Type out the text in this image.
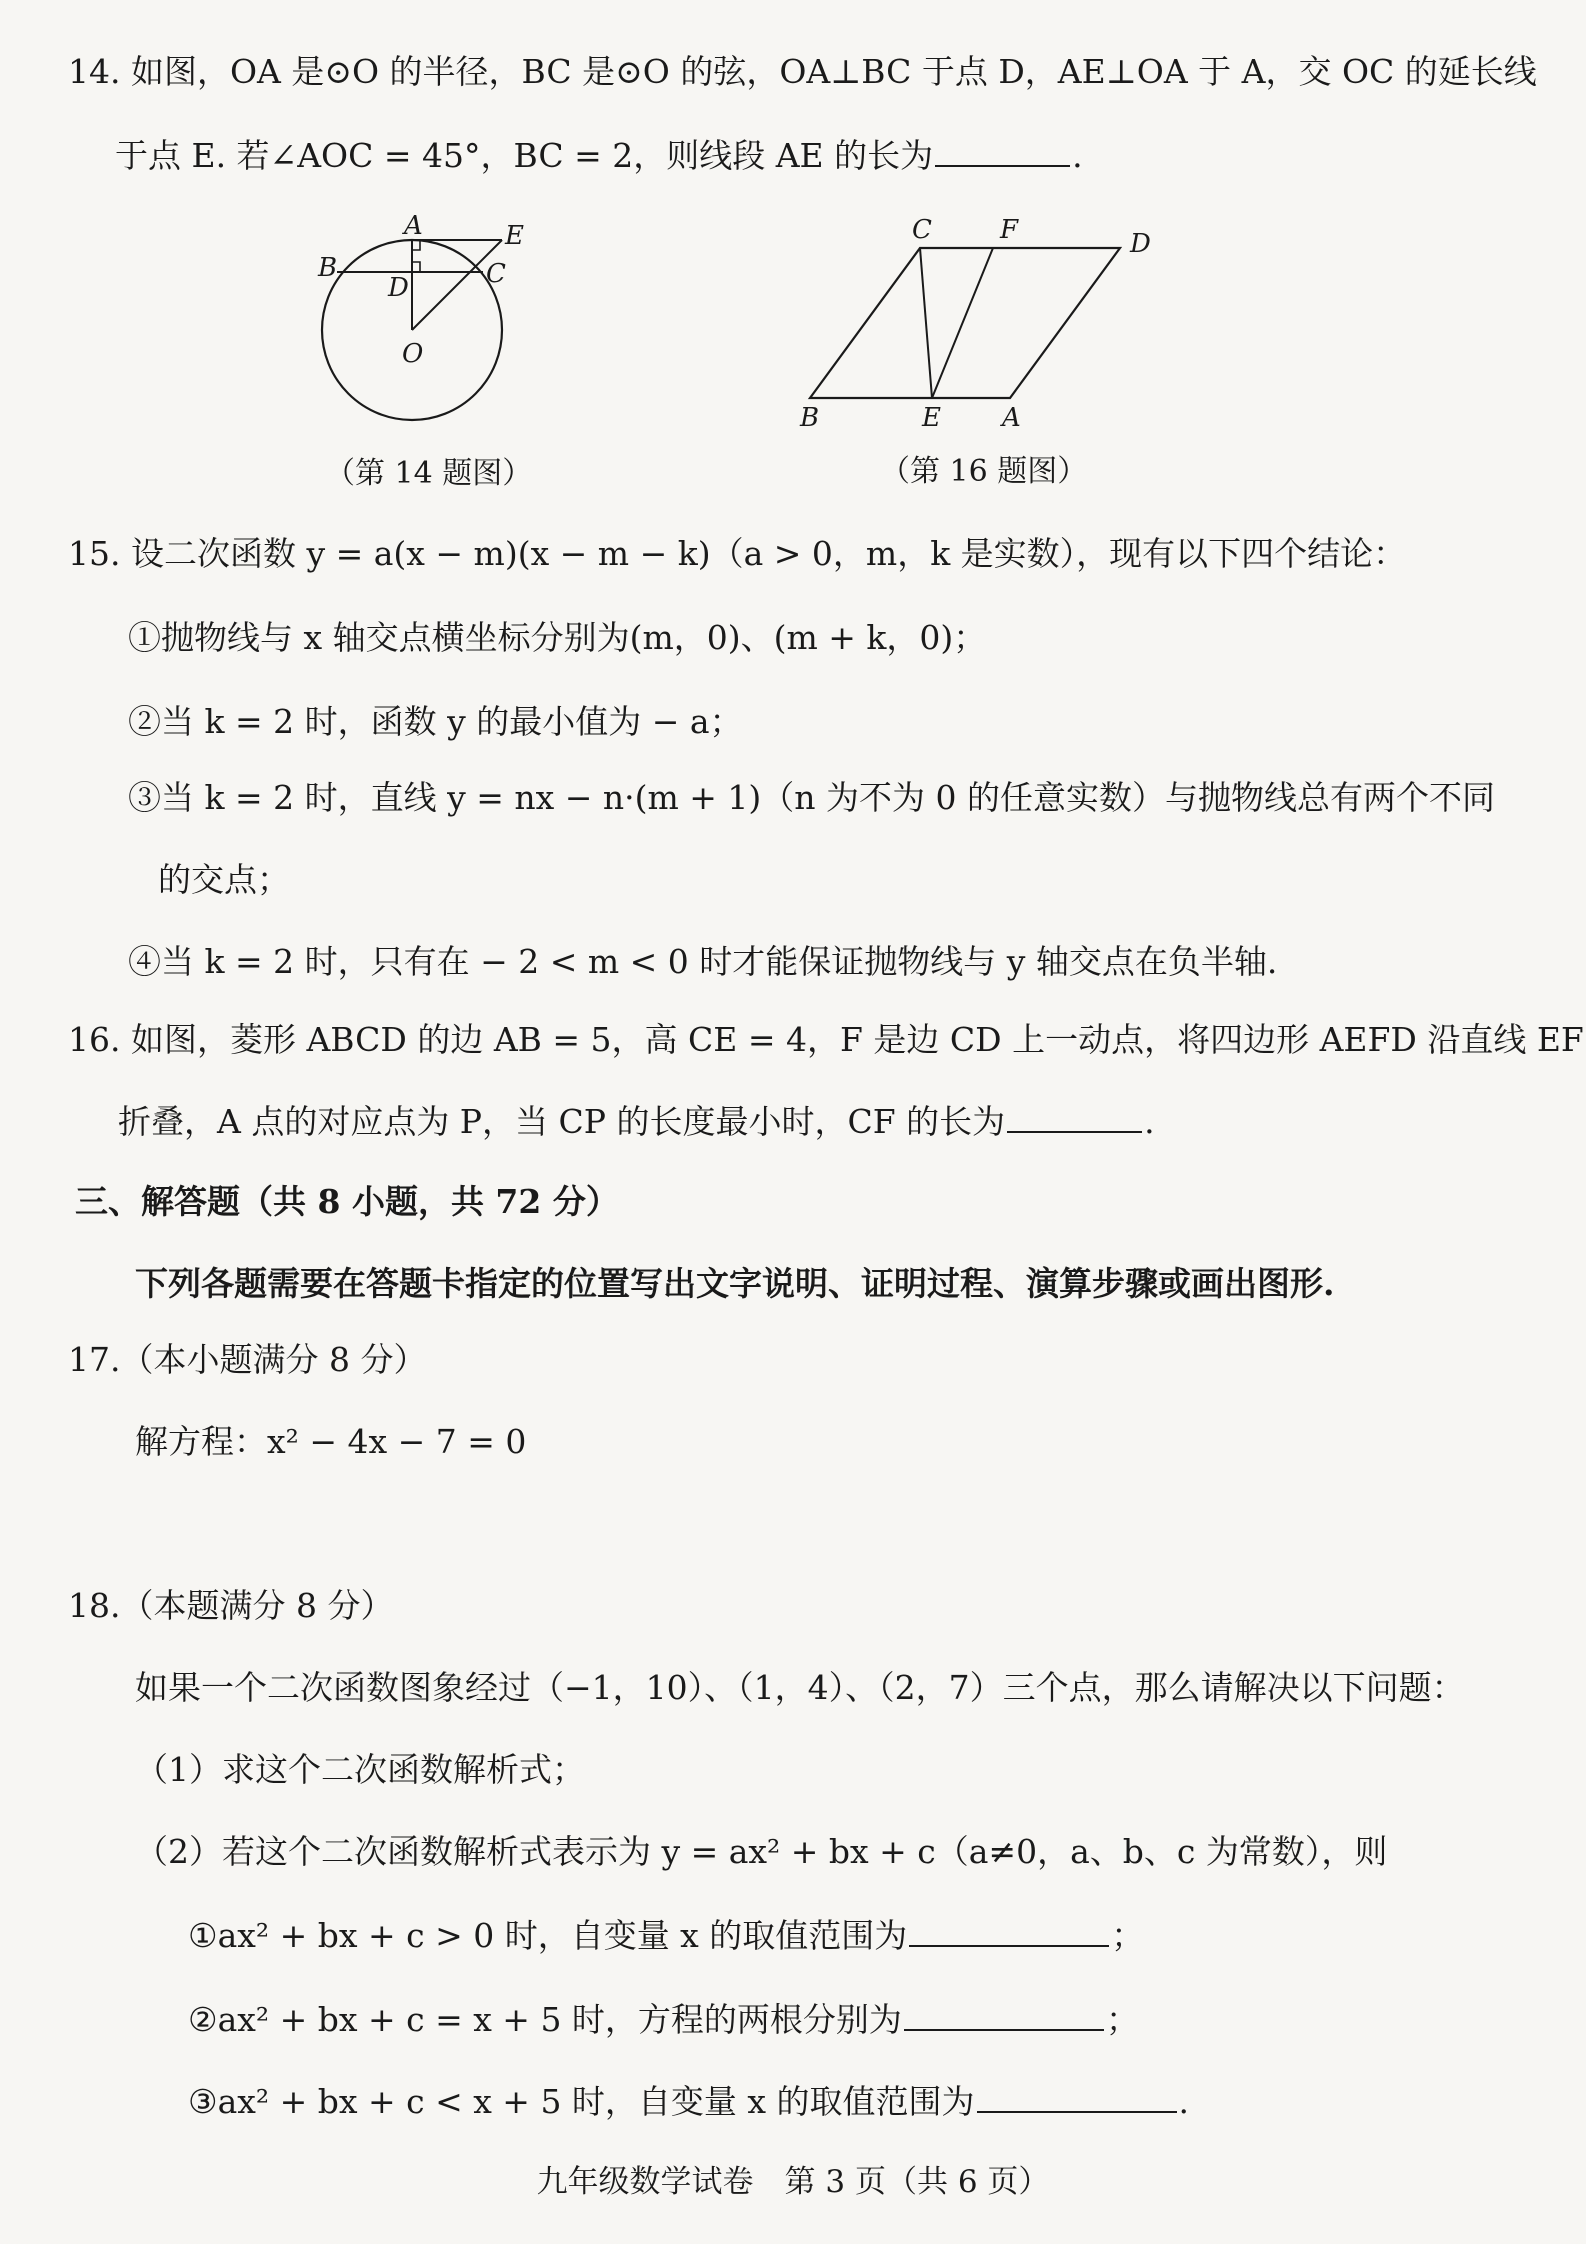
14. 如图，OA 是⊙O 的半径，BC 是⊙O 的弦，OA⊥BC 于点 D，AE⊥OA 于 A，交 OC 的延长线
于点 E. 若∠AOC = 45°，BC = 2，则线段 AE 的长为	.
A	E
B	C
D
O
（第 14 题图）
C	F	D
B	E A
（第 16 题图）
15. 设二次函数 y = a(x − m)(x − m − k)（a > 0，m，k 是实数），现有以下四个结论：
①抛物线与 x 轴交点横坐标分别为(m，0)、(m + k，0)；
②当 k = 2 时，函数 y 的最小值为 − a；
③当 k = 2 时，直线 y = nx − n·(m + 1)（n 为不为 0 的任意实数）与抛物线总有两个不同
的交点；
④当 k = 2 时，只有在 − 2 < m < 0 时才能保证抛物线与 y 轴交点在负半轴.
16. 如图，菱形 ABCD 的边 AB = 5，高 CE = 4，F 是边 CD 上一动点，将四边形 AEFD 沿直线 EF
折叠，A 点的对应点为 P，当 CP 的长度最小时，CF 的长为	.
三、解答题（共 8 小题，共 72 分）
下列各题需要在答题卡指定的位置写出文字说明、证明过程、演算步骤或画出图形.
17.（本小题满分 8 分）
解方程：x² − 4x − 7 = 0
18.（本题满分 8 分）
如果一个二次函数图象经过（−1，10）、（1，4）、（2，7）三个点，那么请解决以下问题：
（1）求这个二次函数解析式；
（2）若这个二次函数解析式表示为 y = ax² + bx + c（a≠0，a、b、c 为常数），则
①ax² + bx + c > 0 时，自变量 x 的取值范围为	；
②ax² + bx + c = x + 5 时，方程的两根分别为	；
③ax² + bx + c < x + 5 时，自变量 x 的取值范围为	.
九年级数学试卷　第 3 页（共 6 页）
